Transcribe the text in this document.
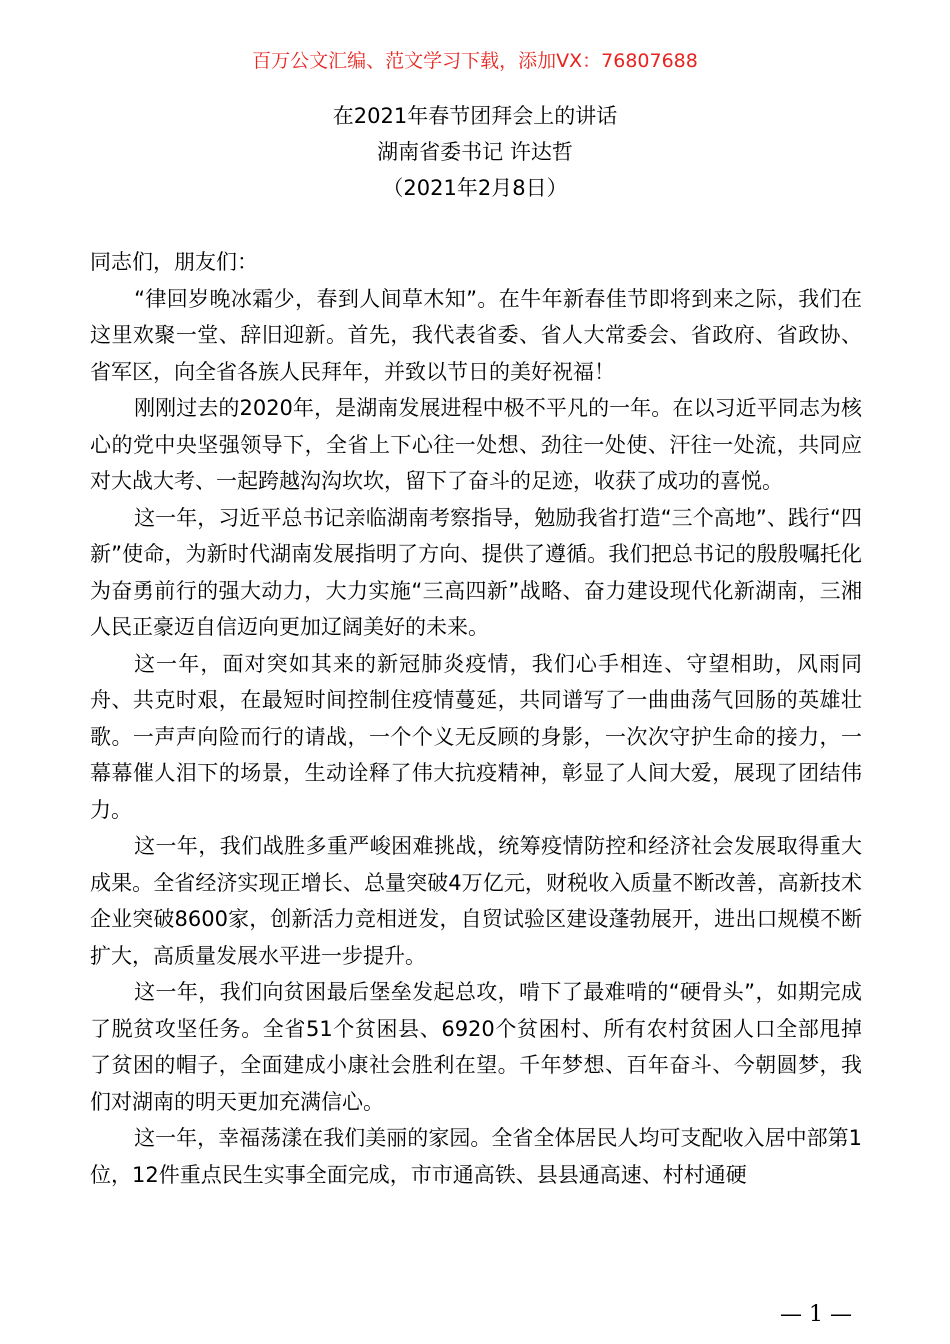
百万公文汇编、范文学习下载，添加VX：76807688
在2021年春节团拜会上的讲话
湖南省委书记 许达哲
（2021年2月8日）

同志们，朋友们：

“律回岁晚冰霜少，春到人间草木知”。在牛年新春佳节即将到来之际，我们在这里欢聚一堂、辞旧迎新。首先，我代表省委、省人大常委会、省政府、省政协、省军区，向全省各族人民拜年，并致以节日的美好祝福！

刚刚过去的2020年，是湖南发展进程中极不平凡的一年。在以习近平同志为核心的党中央坚强领导下，全省上下心往一处想、劲往一处使、汗往一处流，共同应对大战大考、一起跨越沟沟坎坎，留下了奋斗的足迹，收获了成功的喜悦。

这一年，习近平总书记亲临湖南考察指导，勉励我省打造“三个高地”、践行“四新”使命，为新时代湖南发展指明了方向、提供了遵循。我们把总书记的殷殷嘱托化为奋勇前行的强大动力，大力实施“三高四新”战略、奋力建设现代化新湖南，三湘人民正豪迈自信迈向更加辽阔美好的未来。

这一年，面对突如其来的新冠肺炎疫情，我们心手相连、守望相助，风雨同舟、共克时艰，在最短时间控制住疫情蔓延，共同谱写了一曲曲荡气回肠的英雄壮歌。一声声向险而行的请战，一个个义无反顾的身影，一次次守护生命的接力，一幕幕催人泪下的场景，生动诠释了伟大抗疫精神，彰显了人间大爱，展现了团结伟力。

这一年，我们战胜多重严峻困难挑战，统筹疫情防控和经济社会发展取得重大成果。全省经济实现正增长、总量突破4万亿元，财税收入质量不断改善，高新技术企业突破8600家，创新活力竞相迸发，自贸试验区建设蓬勃展开，进出口规模不断扩大，高质量发展水平进一步提升。

这一年，我们向贫困最后堡垒发起总攻，啃下了最难啃的“硬骨头”，如期完成了脱贫攻坚任务。全省51个贫困县、6920个贫困村、所有农村贫困人口全部甩掉了贫困的帽子，全面建成小康社会胜利在望。千年梦想、百年奋斗、今朝圆梦，我们对湖南的明天更加充满信心。

这一年，幸福荡漾在我们美丽的家园。全省全体居民人均可支配收入居中部第1位，12件重点民生实事全面完成，市市通高铁、县县通高速、村村通硬

— 1 —
